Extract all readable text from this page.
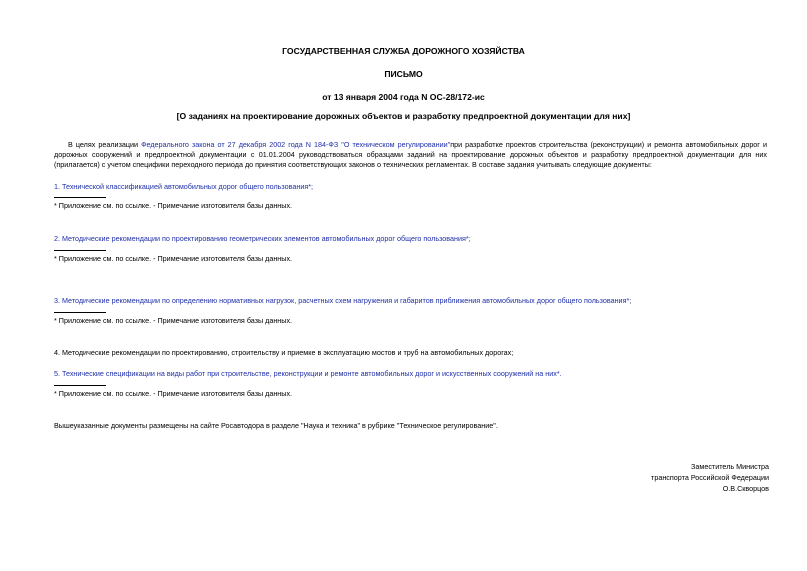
ГОСУДАРСТВЕННАЯ СЛУЖБА ДОРОЖНОГО ХОЗЯЙСТВА
ПИСЬМО
от 13 января 2004 года N ОС-28/172-ис
[О заданиях на проектирование дорожных объектов и разработку предпроектной документации для них]
В целях реализации Федерального закона от 27 декабря 2002 года N 184-ФЗ "О техническом регулировании"при разработке проектов строительства (реконструкции) и ремонта автомобильных дорог и дорожных сооружений и предпроектной документации с 01.01.2004 руководствоваться образцами заданий на проектирование дорожных объектов и разработку предпроектной документации для них (прилагается) с учетом специфики переходного периода до принятия соответствующих законов о технических регламентах. В составе задания учитывать следующие документы:
1. Технической классификацией автомобильных дорог общего пользования*;
* Приложение см. по ссылке. - Примечание изготовителя базы данных.
2. Методические рекомендации по проектированию геометрических элементов автомобильных дорог общего пользования*;
* Приложение см. по ссылке. - Примечание изготовителя базы данных.
3. Методические рекомендации по определению нормативных нагрузок, расчетных схем нагружения и габаритов приближения автомобильных дорог общего пользования*;
* Приложение см. по ссылке. - Примечание изготовителя базы данных.
4. Методические рекомендации по проектированию, строительству и приемке в эксплуатацию мостов и труб на автомобильных дорогах;
5. Технические спецификации на виды работ при строительстве, реконструкции и ремонте автомобильных дорог и искусственных сооружений на них*.
* Приложение см. по ссылке. - Примечание изготовителя базы данных.
Вышеуказанные документы размещены на сайте Росавтодора в разделе "Наука и техника" в рубрике "Техническое регулирование".
Заместитель Министра
транспорта Российской Федерации
О.В.Скворцов
